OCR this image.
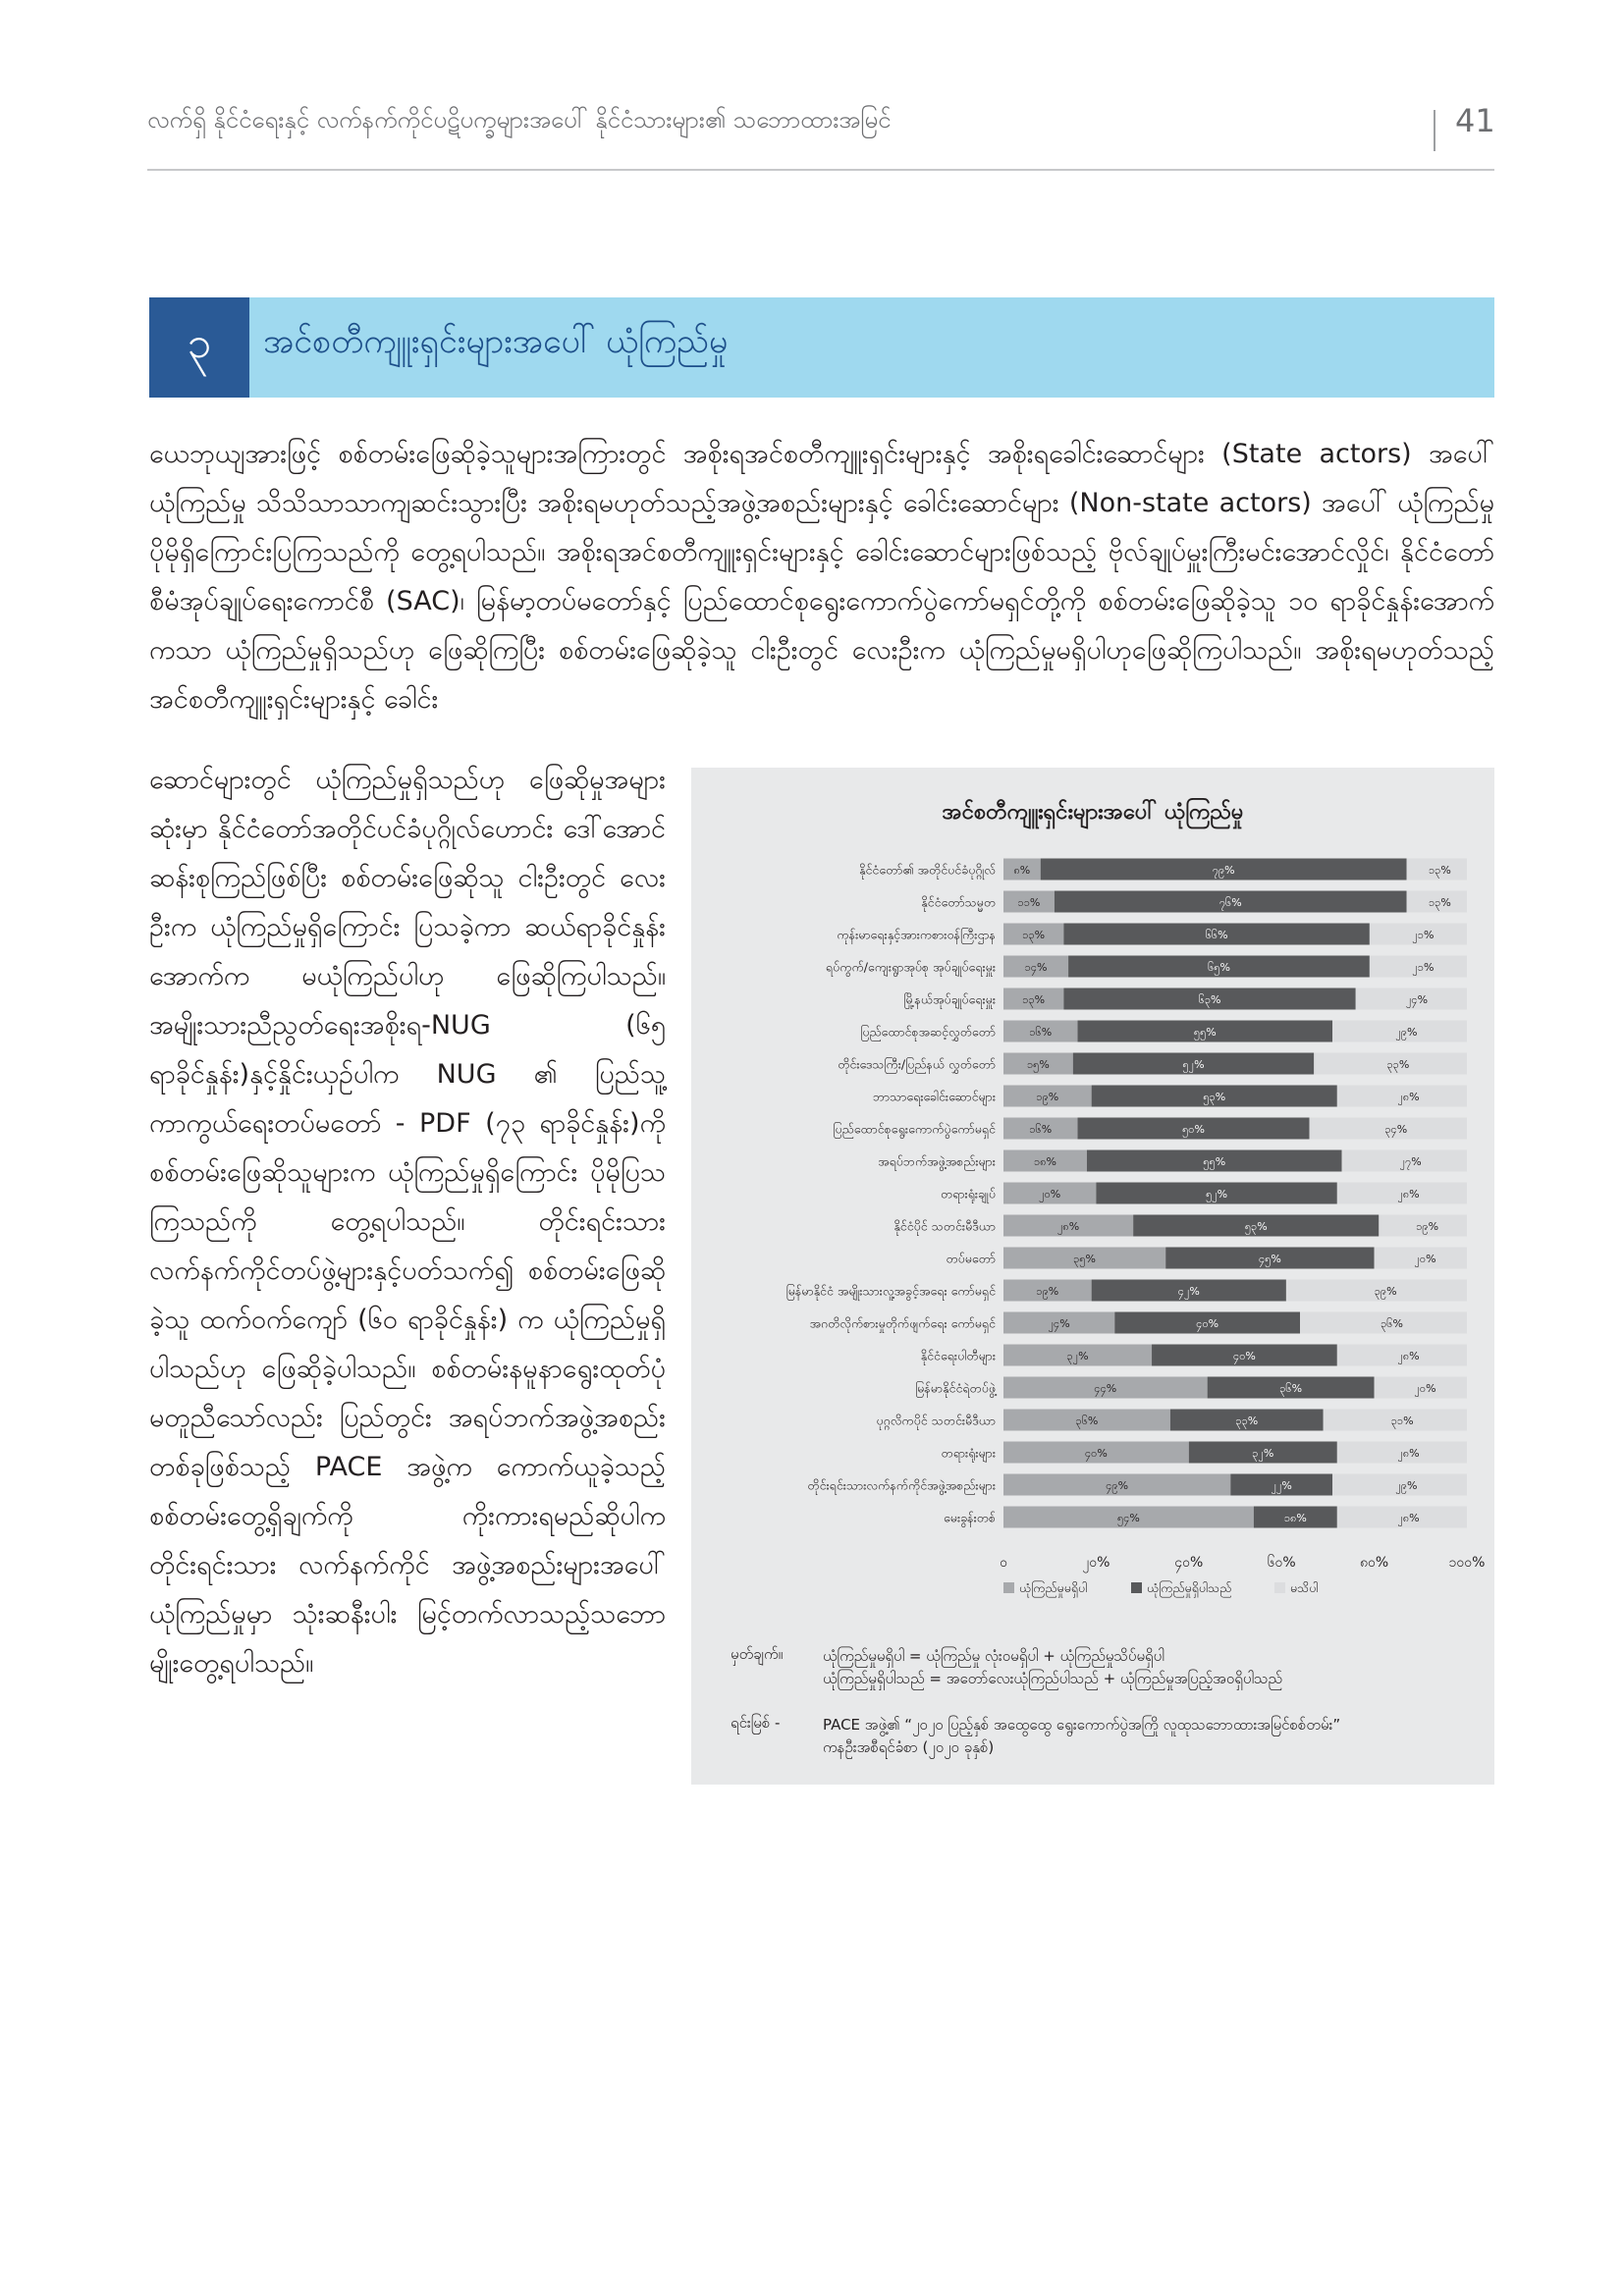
လက်ရှိ နိုင်ငံရေးနှင့် လက်နက်ကိုင်ပဋိပက္ခများအပေါ် နိုင်ငံသားများ၏ သဘောထားအမြင်	41
၃	အင်စတီကျူးရှင်းများအပေါ် ယုံကြည်မှု
ယေဘုယျအားဖြင့် စစ်တမ်းဖြေဆိုခဲ့သူများအကြားတွင် အစိုးရအင်စတီကျူးရှင်းများနှင့် အစိုးရခေါင်းဆောင်များ (State actors) အပေါ် ယုံကြည်မှု သိသိသာသာကျဆင်းသွားပြီး အစိုးရမဟုတ်သည့်အဖွဲ့အစည်းများနှင့် ခေါင်းဆောင်များ (Non-state actors) အပေါ် ယုံကြည်မှုပိုမိုရှိကြောင်းပြကြသည်ကို တွေ့ရပါသည်။ အစိုးရအင်စတီကျူးရှင်းများနှင့် ခေါင်းဆောင်များဖြစ်သည့် ဗိုလ်ချုပ်မှူးကြီးမင်းအောင်လှိုင်၊ နိုင်ငံတော်စီမံအုပ်ချုပ်ရေးကောင်စီ (SAC)၊ မြန်မာ့တပ်မတော်နှင့် ပြည်ထောင်စုရွေးကောက်ပွဲကော်မရှင်တို့ကို စစ်တမ်းဖြေဆိုခဲ့သူ ၁၀ ရာခိုင်နှုန်းအောက်ကသာ ယုံကြည်မှုရှိသည်ဟု ဖြေဆိုကြပြီး စစ်တမ်းဖြေဆိုခဲ့သူ ငါးဦးတွင် လေးဦးက ယုံကြည်မှုမရှိပါဟုဖြေဆိုကြပါသည်။ အစိုးရမဟုတ်သည့် အင်စတီကျူးရှင်းများနှင့် ခေါင်း
ဆောင်များတွင် ယုံကြည်မှုရှိသည်ဟု ဖြေဆိုမှုအများဆုံးမှာ နိုင်ငံတော်အတိုင်ပင်ခံပုဂ္ဂိုလ်ဟောင်း ဒေါ်အောင်ဆန်းစုကြည်ဖြစ်ပြီး စစ်တမ်းဖြေဆိုသူ ငါးဦးတွင် လေးဦးက ယုံကြည်မှုရှိကြောင်း ပြသခဲ့ကာ ဆယ်ရာခိုင်နှုန်းအောက်က မယုံကြည်ပါဟု ဖြေဆိုကြပါသည်။ အမျိုးသားညီညွတ်ရေးအစိုးရ-NUG (၆၅ ရာခိုင်နှုန်း)နှင့်နှိုင်းယှဉ်ပါက NUG ၏ ပြည်သူ့ကာကွယ်ရေးတပ်မတော် - PDF (၇၃ ရာခိုင်နှုန်း)ကို စစ်တမ်းဖြေဆိုသူများက ယုံကြည်မှုရှိကြောင်း ပိုမိုပြသကြသည်ကို တွေ့ရပါသည်။ တိုင်းရင်းသား လက်နက်ကိုင်တပ်ဖွဲ့များနှင့်ပတ်သက်၍ စစ်တမ်းဖြေဆိုခဲ့သူ ထက်ဝက်ကျော် (၆၀ ရာခိုင်နှုန်း) က ယုံကြည်မှုရှိပါသည်ဟု ဖြေဆိုခဲ့ပါသည်။ စစ်တမ်းနမူနာရွေးထုတ်ပုံ မတူညီသော်လည်း ပြည်တွင်း အရပ်ဘက်အဖွဲ့အစည်းတစ်ခုဖြစ်သည့် PACE အဖွဲ့က ကောက်ယူခဲ့သည့် စစ်တမ်းတွေ့ရှိချက်ကို ကိုးကားရမည်ဆိုပါက တိုင်းရင်းသား လက်နက်ကိုင် အဖွဲ့အစည်းများအပေါ် ယုံကြည်မှုမှာ သုံးဆနီးပါး မြင့်တက်လာသည့်သဘောမျိုးတွေ့ရပါသည်။
အင်စတီကျူးရှင်းများအပေါ် ယုံကြည်မှု
နိုင်ငံတော်၏ အတိုင်ပင်ခံပုဂ္ဂိုလ် ၈%	၇၉%	၁၃%
နိုင်ငံတော်သမ္မတ ၁၁%	၇၆%	၁၃%
ကုန်းမာရေးနှင့်အားကစားဝန်ကြီးဌာန ၁၃%	၆၆%	၂၁%
ရပ်ကွက်/ကျေးရွာအုပ်စု အုပ်ချုပ်ရေးမှူး	၁၄%	၆၅%	၂၁%
မြို့နယ်အုပ်ချုပ်ရေးမှူး ၁၃%	၆၃%	၂၄%
ပြည်ထောင်စုအဆင့်လွှတ်တော်	၁၆%	၅၅%	၂၉%
တိုင်းဒေသကြီး/ပြည်နယ် လွှတ်တော်	၁၅%	၅၂%	၃၃%
ဘာသာရေးခေါင်းဆောင်များ	၁၉%	၅၃%	၂၈%
ပြည်ထောင်စုရွေးကောက်ပွဲကော်မရှင်	၁၆%	၅၀%	၃၄%
အရပ်ဘက်အဖွဲ့အစည်းများ	၁၈%	၅၅%	၂၇%
တရားရုံးချုပ်	၂၀%	၅၂%	၂၈%
နိုင်ငံပိုင် သတင်းမီဒီယာ	၂၈%	၅၃%	၁၉%
တပ်မတော်	၃၅%	၄၅%	၂၀%
မြန်မာနိုင်ငံ အမျိုးသားလူ့အခွင့်အရေး ကော်မရှင်	၁၉%	၄၂%	၃၉%
အဂတိလိုက်စားမှုတိုက်ဖျက်ရေး ကော်မရှင်	၂၄%	၄၀%	၃၆%
နိုင်ငံရေးပါတီများ	၃၂%	၄၀%	၂၈%
မြန်မာနိုင်ငံရဲတပ်ဖွဲ့	၄၄%	၃၆%	၂၀%
ပုဂ္ဂလိကပိုင် သတင်းမီဒီယာ	၃၆%	၃၃%	၃၁%
တရားရုံးများ	၄၀%	၃၂%	၂၈%
တိုင်းရင်းသားလက်နက်ကိုင်အဖွဲ့အစည်းများ	၄၉%	၂၂%	၂၉%
မေးခွန်းတစ်	၅၄%	၁၈%	၂၈%
၀	၂၀%	၄၀%	၆၀%	၈၀%	၁၀၀%
ယုံကြည်မှုမရှိပါ	ယုံကြည်မှုရှိပါသည်	မသိပါ
မှတ်ချက်။	ယုံကြည်မှုမရှိပါ = ယုံကြည်မှု လုံးဝမရှိပါ + ယုံကြည်မှုသိပ်မရှိပါ
ယုံကြည်မှုရှိပါသည် = အတော်လေးယုံကြည်ပါသည် + ယုံကြည်မှုအပြည့်အဝရှိပါသည်
ရင်းမြစ် -	PACE အဖွဲ့၏ “၂၀၂၀ ပြည့်နှစ် အထွေထွေ ရွေးကောက်ပွဲအကြို လူထုသဘောထားအမြင်စစ်တမ်း”
ကနဦးအစီရင်ခံစာ (၂၀၂၀ ခုနှစ်)
